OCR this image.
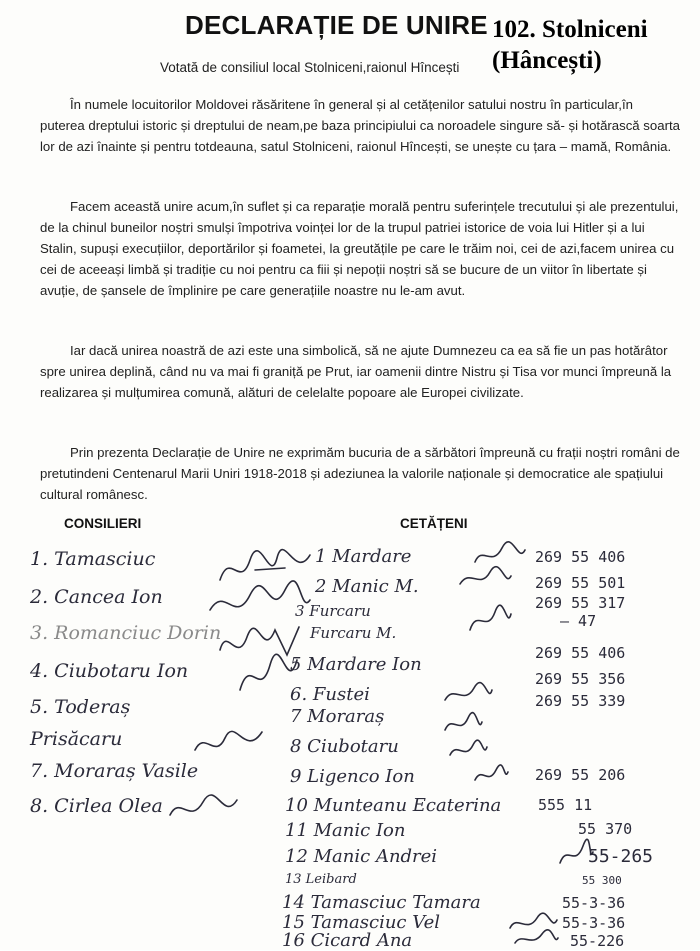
DECLARAȚIE DE UNIRE 102. Stolniceni
(Hâncești)
Votată de consiliul local Stolniceni,raionul Hîncești

În numele locuitorilor Moldovei răsăritene în general și al cetățenilor satului nostru în particular,în puterea dreptului istoric și dreptului de neam,pe baza principiului ca noroadele singure să- și hotărască soarta lor de azi înainte și pentru totdeauna, satul Stolniceni, raionul Hîncești, se unește cu țara – mamă, România.

Facem această unire acum,în suflet și ca reparație morală pentru suferințele trecutului și ale prezentului, de la chinul buneilor noștri smulși împotriva voinței lor de la trupul patriei istorice de voia lui Hitler și a lui Stalin, supuși execuțiilor, deportărilor și foametei, la greutățile pe care le trăim noi, cei de azi,facem unirea cu cei de aceeași limbă și tradiție cu noi pentru ca fiii și nepoții noștri să se bucure de un viitor în libertate și avuție, de șansele de împlinire pe care generațiile noastre nu le-am avut.

Iar dacă unirea noastră de azi este una simbolică, să ne ajute Dumnezeu ca ea să fie un pas hotărâtor spre unirea deplină, când nu va mai fi graniță pe Prut, iar oamenii dintre Nistru și Tisa vor munci împreună la realizarea și mulțumirea comună, alături de celelalte popoare ale Europei civilizate.

Prin prezenta Declarație de Unire ne exprimăm bucuria de a sărbători împreună cu frații noștri români de pretutindeni Centenarul Marii Uniri 1918-2018 și adeziunea la valorile naționale și democratice ale spațiului cultural românesc.

CONSILIERI	CETĂȚENI
1. Tamasciuc
2. Cancea Ion
3. Romanciuc Dorin
4. Ciubotaru Ion
5. Toderaș
Prisăcaru
7. Moraraș Vasile
8. Cirlea Olea
1 Mardare
2 Manic M.
3 Furcaru
Furcaru M.
5 Mardare Ion
6. Fustei
7 Moraraș
8 Ciubotaru
9 Ligenco Ion
10 Munteanu Ecaterina
11 Manic Ion
12 Manic Andrei
13 Leibard
14 Tamasciuc Tamara
15 Tamasciuc Vel
16 Cicard Ana
269 55 406
269 55 501
269 55 317
— 47
269 55 406
269 55 356
269 55 339
269 55 206
555 11
55 370
55-265
55 300
55-3-36
55-3-36
55-226
